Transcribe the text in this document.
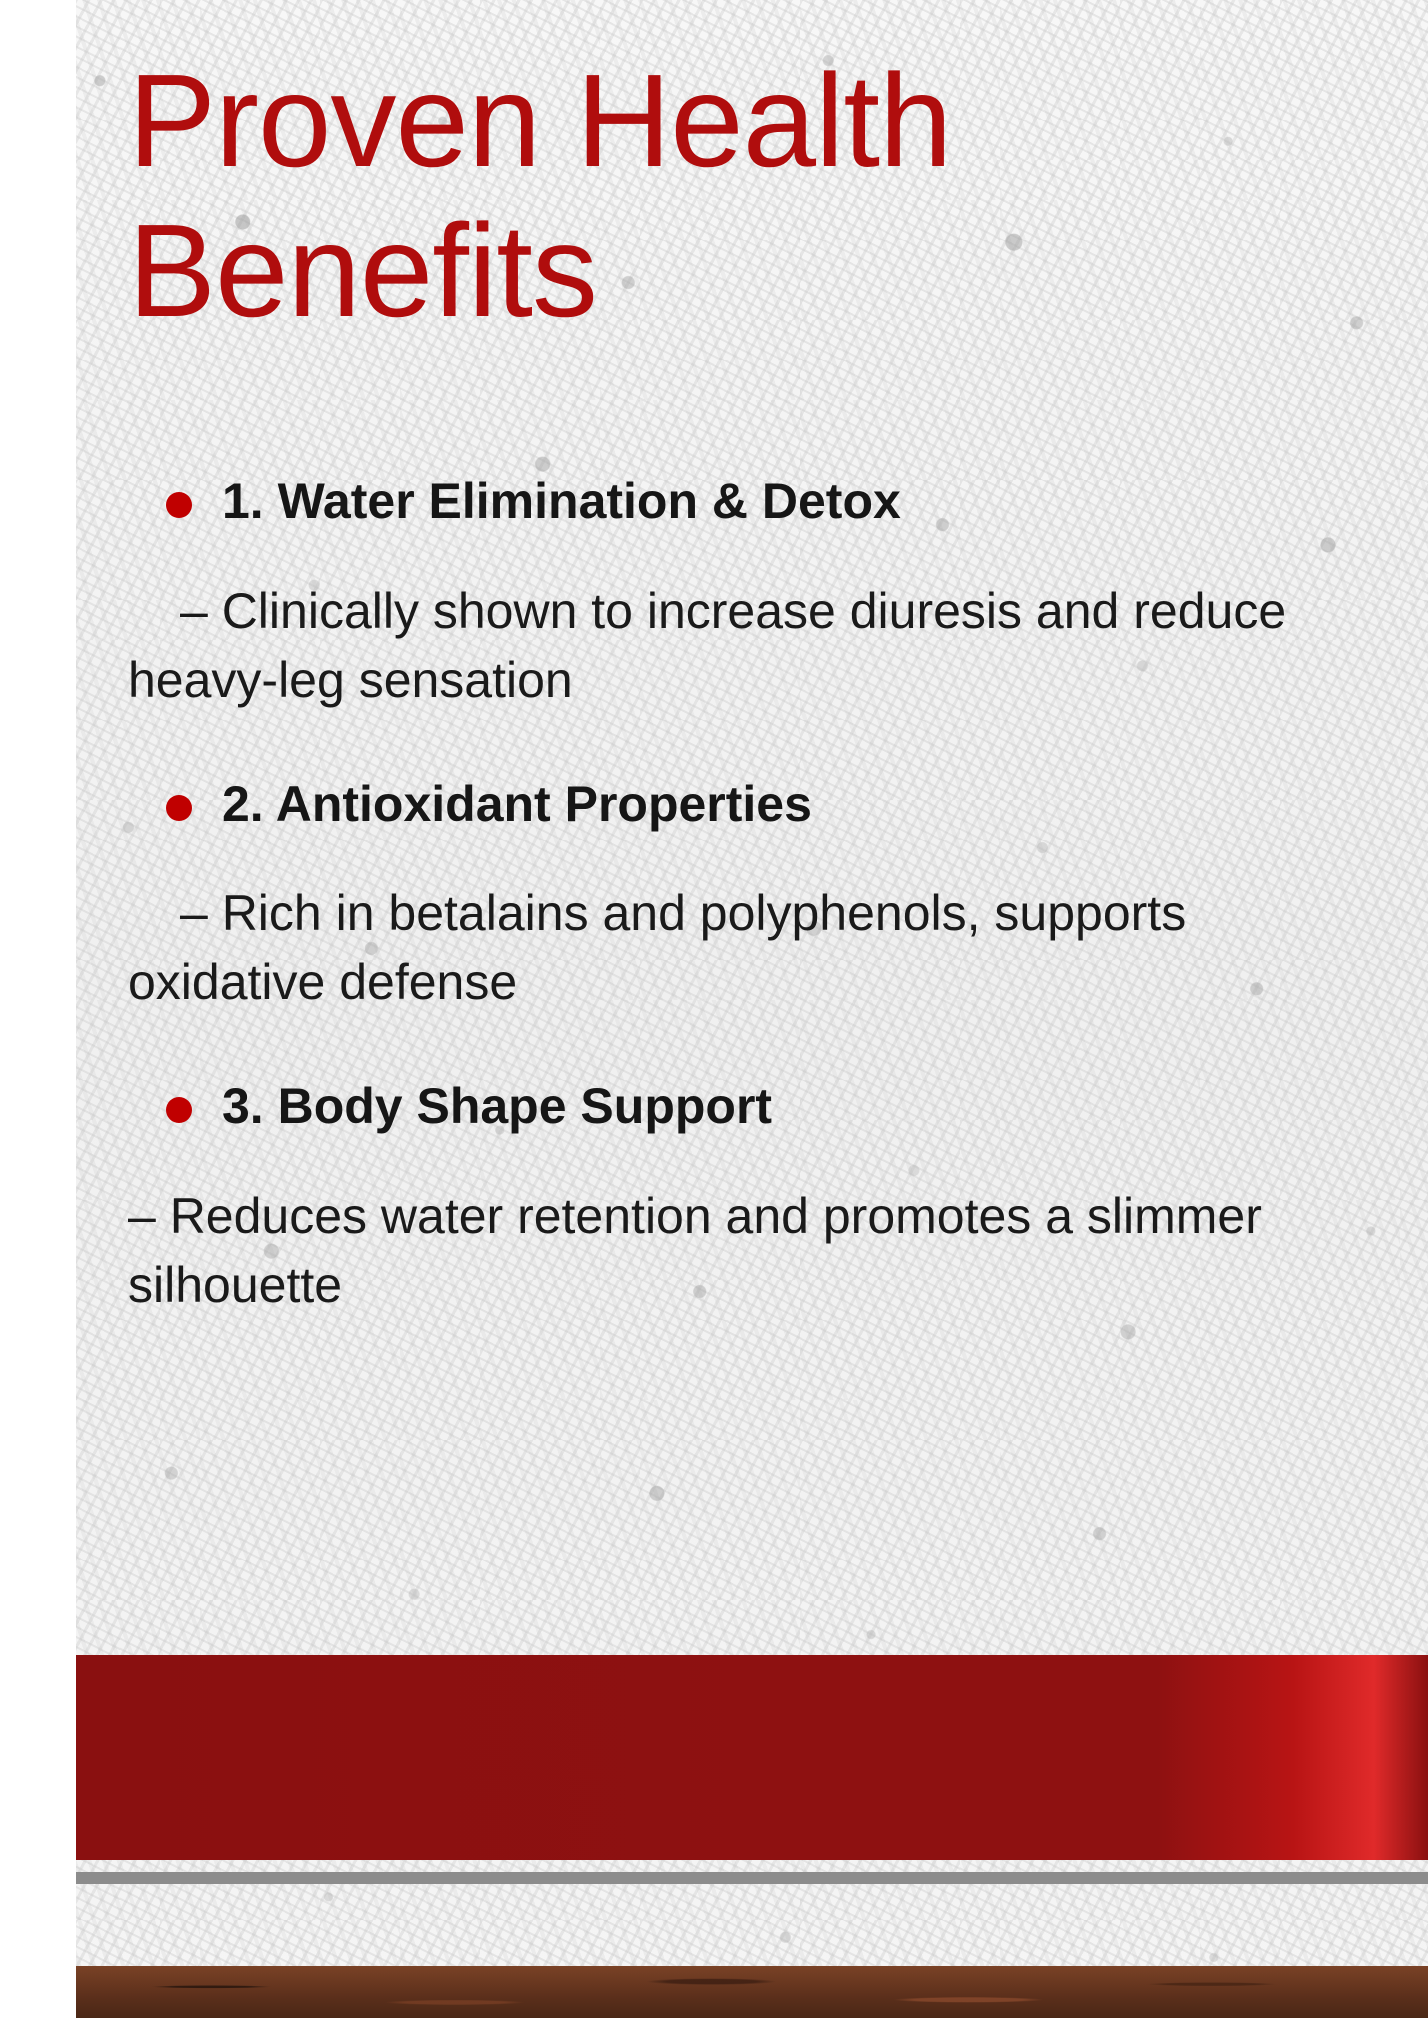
Proven Health Benefits
1. Water Elimination & Detox
– Clinically shown to increase diuresis and reduce heavy-leg sensation
2. Antioxidant Properties
– Rich in betalains and polyphenols, supports oxidative defense
3. Body Shape Support
– Reduces water retention and promotes a slimmer silhouette
